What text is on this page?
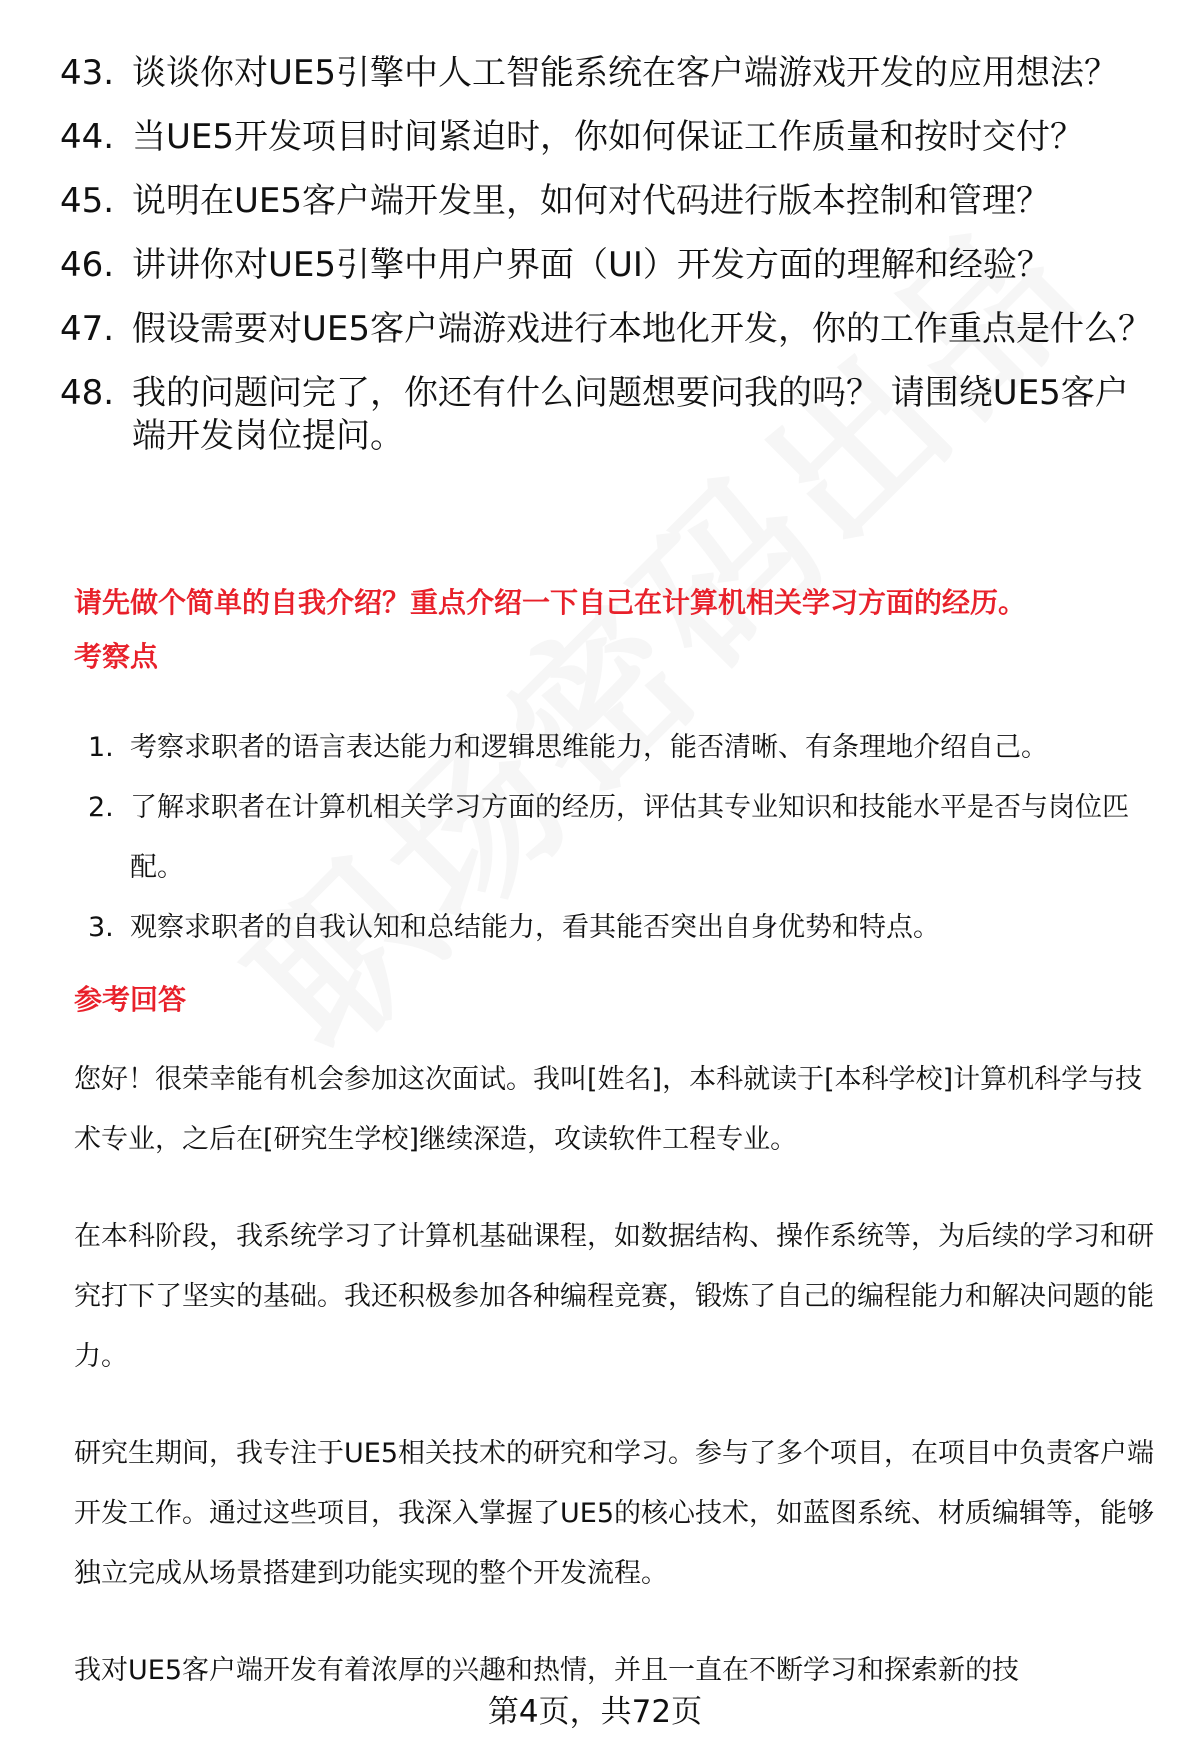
43. 谈谈你对UE5引擎中人工智能系统在客户端游戏开发的应用想法？
44. 当UE5开发项目时间紧迫时，你如何保证工作质量和按时交付？
45. 说明在UE5客户端开发里，如何对代码进行版本控制和管理？
46. 讲讲你对UE5引擎中用户界面（UI）开发方面的理解和经验？
47. 假设需要对UE5客户端游戏进行本地化开发，你的工作重点是什么？
48. 我的问题问完了，你还有什么问题想要问我的吗？ 请围绕UE5客户端开发岗位提问。
请先做个简单的自我介绍？重点介绍一下自己在计算机相关学习方面的经历。
考察点
1. 考察求职者的语言表达能力和逻辑思维能力，能否清晰、有条理地介绍自己。
2. 了解求职者在计算机相关学习方面的经历，评估其专业知识和技能水平是否与岗位匹配。
3. 观察求职者的自我认知和总结能力，看其能否突出自身优势和特点。
参考回答

您好！很荣幸能有机会参加这次面试。我叫[姓名]，本科就读于[本科学校]计算机科学与技术专业，之后在[研究生学校]继续深造，攻读软件工程专业。

在本科阶段，我系统学习了计算机基础课程，如数据结构、操作系统等，为后续的学习和研究打下了坚实的基础。我还积极参加各种编程竞赛，锻炼了自己的编程能力和解决问题的能力。

研究生期间，我专注于UE5相关技术的研究和学习。参与了多个项目，在项目中负责客户端开发工作。通过这些项目，我深入掌握了UE5的核心技术，如蓝图系统、材质编辑等，能够独立完成从场景搭建到功能实现的整个开发流程。

我对UE5客户端开发有着浓厚的兴趣和热情，并且一直在不断学习和探索新的技

第4页，共72页
